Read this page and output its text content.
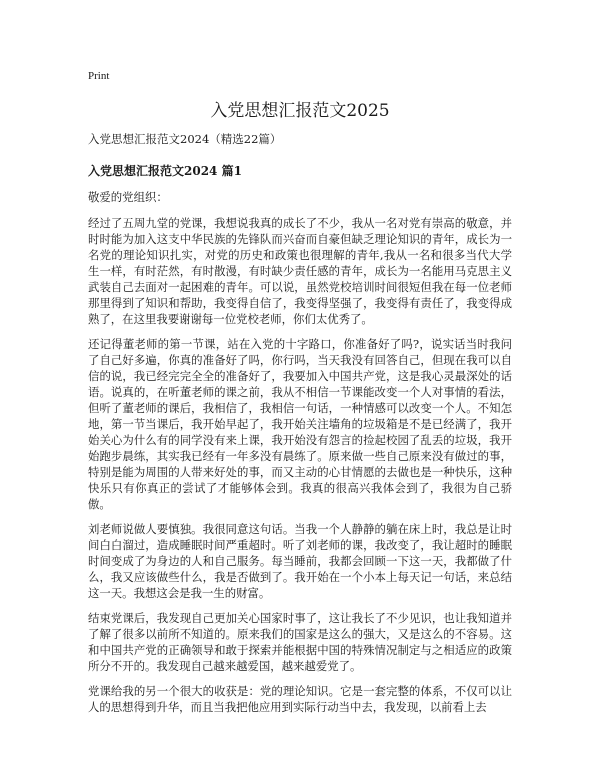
Print
入党思想汇报范文2025
入党思想汇报范文2024（精选22篇）
入党思想汇报范文2024 篇1

敬爱的党组织：

经过了五周九堂的党课，我想说我真的成长了不少，我从一名对党有崇高的敬意，并时时能为加入这支中华民族的先锋队而兴奋而自豪但缺乏理论知识的青年，成长为一名党的理论知识扎实，对党的历史和政策也很理解的青年,我从一名和很多当代大学生一样，有时茫然，有时散漫，有时缺少责任感的青年，成长为一名能用马克思主义武装自己去面对一起困难的青年。可以说，虽然党校培训时间很短但我在每一位老师那里得到了知识和帮助，我变得自信了，我变得坚强了，我变得有责任了，我变得成熟了，在这里我要谢谢每一位党校老师，你们太优秀了。

还记得董老师的第一节课，站在入党的十字路口，你准备好了吗?，说实话当时我问了自己好多遍，你真的准备好了吗，你行吗，当天我没有回答自己，但现在我可以自信的说，我已经完完全全的准备好了，我要加入中国共产党，这是我心灵最深处的话语。说真的，在听董老师的课之前，我从不相信一节课能改变一个人对事情的看法，但听了董老师的课后，我相信了，我相信一句话，一种情感可以改变一个人。不知怎地，第一节当课后，我开始早起了，我开始关注墙角的垃圾箱是不是已经满了，我开始关心为什么有的同学没有来上课，我开始没有怨言的捡起校园了乱丢的垃圾，我开始跑步晨练，其实我已经有一年多没有晨练了。原来做一些自己原来没有做过的事，特别是能为周围的人带来好处的事，而又主动的心甘情愿的去做也是一种快乐，这种快乐只有你真正的尝试了才能够体会到。我真的很高兴我体会到了，我很为自己骄傲。

刘老师说做人要慎独。我很同意这句话。当我一个人静静的躺在床上时，我总是让时间白白溜过，造成睡眠时间严重超时。听了刘老师的课，我改变了，我让超时的睡眠时间变成了为身边的人和自己服务。每当睡前，我都会回顾一下这一天，我都做了什么，我又应该做些什么，我是否做到了。我开始在一个小本上每天记一句话，来总结这一天。我想这会是我一生的财富。

结束党课后，我发现自己更加关心国家时事了，这让我长了不少见识，也让我知道并了解了很多以前所不知道的。原来我们的国家是这么的强大，又是这么的不容易。这和中国共产党的正确领导和敢于探索并能根据中国的特殊情况制定与之相适应的政策所分不开的。我发现自己越来越爱国，越来越爱党了。

党课给我的另一个很大的收获是：党的理论知识。它是一套完整的体系，不仅可以让人的思想得到升华，而且当我把他应用到实际行动当中去，我发现，以前看上去
